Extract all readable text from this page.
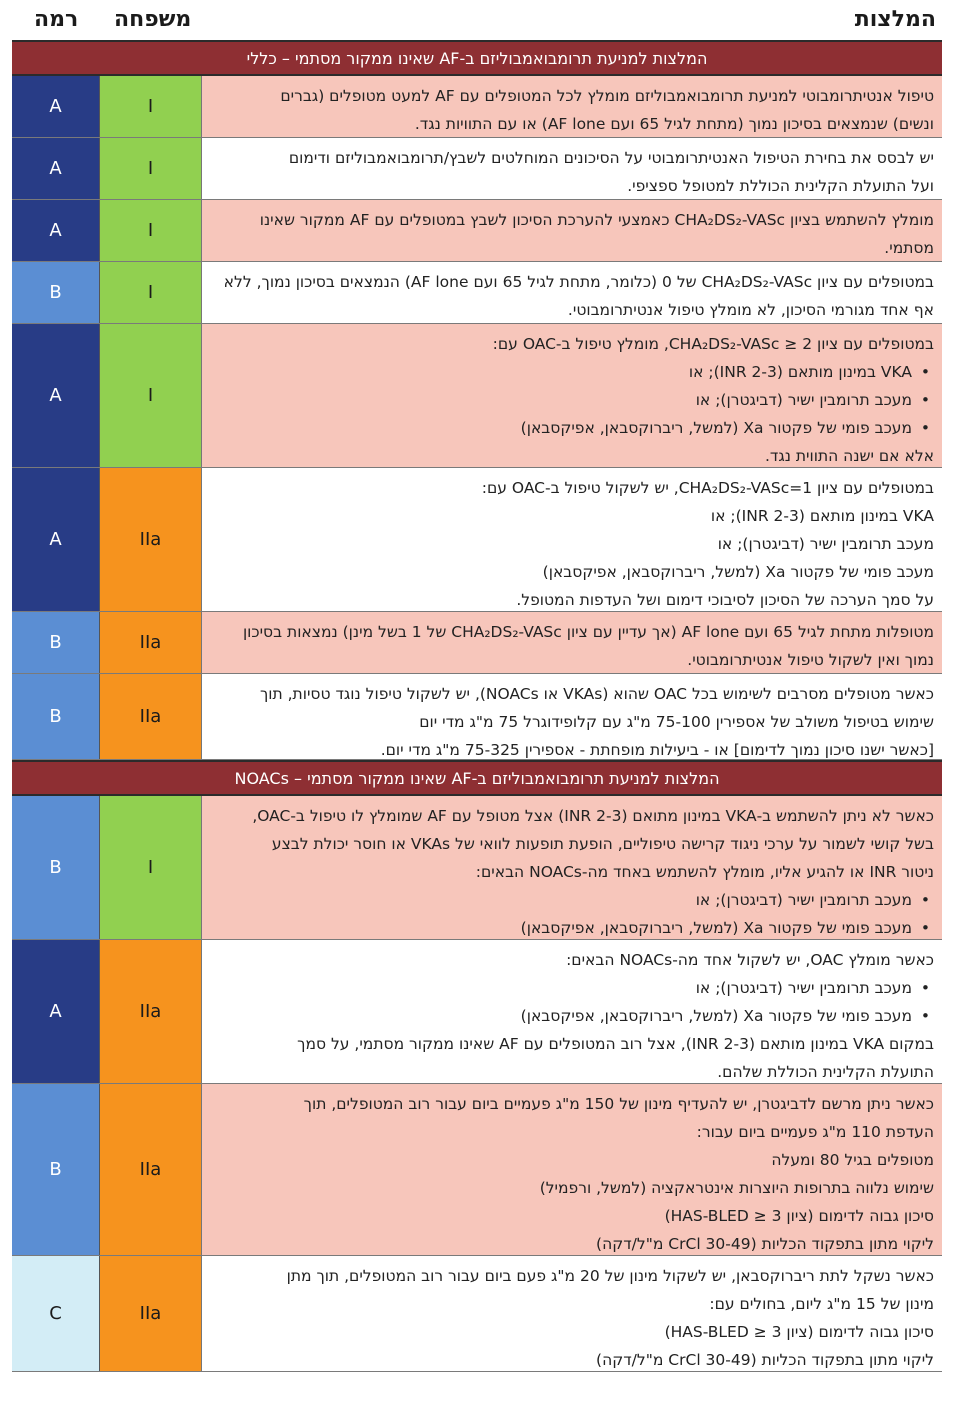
רמה משפחה	המלצות
המלצות למניעת תרומבואמבוליזם ב-AF שאינו ממקור מסתמי – כללי
A	I	טיפול אנטיתרומבוטי למניעת תרומבואמבוליזם מומלץ לכל המטופלים עם AF למעט מטופלים (גברים
ונשים) שנמצאים בסיכון נמוך (מתחת לגיל 65 ועם AF lone) או עם התוויות נגד.
A	I	יש לבסס את בחירת הטיפול האנטיתרומבוטי על הסיכונים המוחלטים לשבץ/תרומבואמבוליזם ודימום
ועל התועלת הקלינית הכוללת למטופל ספציפי.
A	I	מומלץ להשתמש בציון CHA₂DS₂-VASc כאמצעי להערכת הסיכון לשבץ במטופלים עם AF ממקור שאינו
מסתמי.
B	I	במטופלים עם ציון CHA₂DS₂-VASc של 0 (כלומר, מתחת לגיל 65 ועם AF lone) הנמצאים בסיכון נמוך, ללא
אף אחד מגורמי הסיכון, לא מומלץ טיפול אנטיתרומבוטי.
A	I
במטופלים עם ציון CHA₂DS₂-VASc ≥ 2, מומלץ טיפול ב-OAC עם:
• VKA במינון מותאם (INR 2-3); או
• מעכב תרומבין ישיר (דביגטרן); או
• מעכב פומי של פקטור Xa (למשל, ריברוקסבאן, אפיקסבאן)
אלא אם ישנה התווית נגד.
A	IIa
במטופלים עם ציון CHA₂DS₂-VASc=1, יש לשקול טיפול ב-OAC עם:
VKA במינון מותאם (INR 2-3); או
מעכב תרומבין ישיר (דביגטרן); או
מעכב פומי של פקטור Xa (למשל, ריברוקסבאן, אפיקסבאן)
על סמך הערכה של הסיכון לסיבוכי דימום ושל העדפות המטופל.
B	IIa	מטופלות מתחת לגיל 65 ועם AF lone (אך עדיין עם ציון CHA₂DS₂-VASc של 1 בשל מינן) נמצאות בסיכון
נמוך ואין לשקול טיפול אנטיתרומבוטי.
B	IIa
כאשר מטופלים מסרבים לשימוש בכל OAC שהוא (VKAs או NOACs), יש לשקול טיפול נוגד טסיות, תוך
שימוש בטיפול משולב של אספירין 75-100 מ"ג עם קלופידוגרל 75 מ"ג מדי יום
[כאשר ישנו סיכון נמוך לדימום] או - ביעילות מופחתת - אספירין 75-325 מ"ג מדי יום.
המלצות למניעת תרומבואמבוליזם ב-AF שאינו ממקור מסתמי – NOACs
B	I
כאשר לא ניתן להשתמש ב-VKA במינון מתואם (INR 2-3) אצל מטופל עם AF שמומלץ לו טיפול ב-OAC,
בשל קושי לשמור על ערכי ניגוד קרישה טיפוליים, הופעת תופעות לוואי של VKAs או חוסר יכולת לבצע
ניטור INR או להגיע אליו, מומלץ להשתמש באחד מה-NOACs הבאים:
• מעכב תרומבין ישיר (דביגטרן); או
• מעכב פומי של פקטור Xa (למשל, ריברוקסבאן, אפיקסבאן)
A	IIa
כאשר מומלץ OAC, יש לשקול אחד מה-NOACs הבאים:
• מעכב תרומבין ישיר (דביגטרן); או
• מעכב פומי של פקטור Xa (למשל, ריברוקסבאן, אפיקסבאן)
במקום VKA במינון מותאם (INR 2-3), אצל רוב המטופלים עם AF שאינו ממקור מסתמי, על סמך
התועלת הקלינית הכוללת שלהם.
B	IIa
כאשר ניתן מרשם לדביגטרן, יש להעדיף מינון של 150 מ"ג פעמיים ביום עבור רוב המטופלים, תוך
העדפת 110 מ"ג פעמיים ביום עבור:
מטופלים בגיל 80 ומעלה
שימוש נלווה בתרופות היוצרות אינטראקציה (למשל, ורפמיל)
סיכון גבוה לדימום (ציון HAS-BLED ≥ 3)
ליקוי מתון בתפקוד הכליות (CrCl 30-49 מ"ל/דקה)
C	IIa
כאשר נשקל לתת ריברוקסבאן, יש לשקול מינון של 20 מ"ג פעם ביום עבור רוב המטופלים, תוך מתן
מינון של 15 מ"ג ליום, בחולים עם:
סיכון גבוה לדימום (ציון HAS-BLED ≥ 3)
ליקוי מתון בתפקוד הכליות (CrCl 30-49 מ"ל/דקה)
